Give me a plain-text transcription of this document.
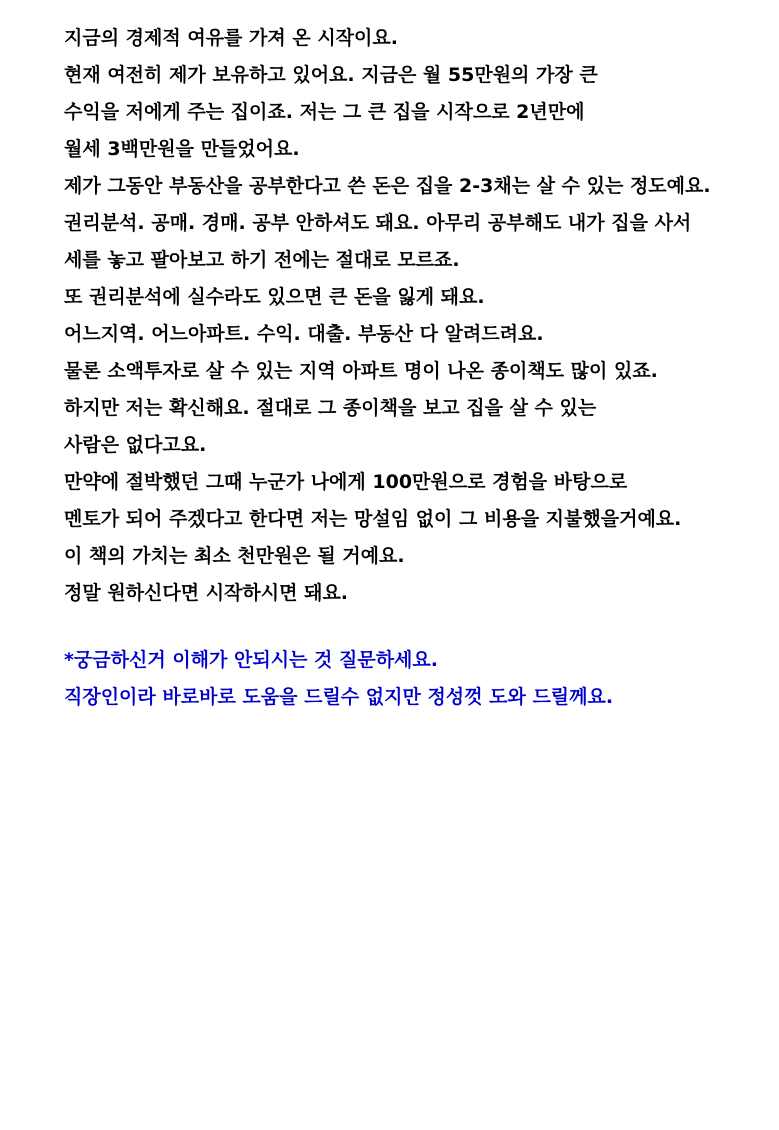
지금의 경제적 여유를 가져 온 시작이요.
현재 여전히 제가 보유하고 있어요. 지금은 월 55만원의 가장 큰
수익을 저에게 주는 집이죠. 저는 그 큰 집을 시작으로 2년만에
월세 3백만원을 만들었어요.
제가 그동안 부동산을 공부한다고 쓴 돈은 집을 2-3채는 살 수 있는 정도예요.
권리분석. 공매. 경매. 공부 안하셔도 돼요. 아무리 공부해도 내가 집을 사서
세를 놓고 팔아보고 하기 전에는 절대로 모르죠.
또 권리분석에 실수라도 있으면 큰 돈을 잃게 돼요.
어느지역. 어느아파트. 수익. 대출. 부동산 다 알려드려요.
물론 소액투자로 살 수 있는 지역 아파트 명이 나온 종이책도 많이 있죠.
하지만 저는 확신해요. 절대로 그 종이책을 보고 집을 살 수 있는
사람은 없다고요.
만약에 절박했던 그때 누군가 나에게 100만원으로 경험을 바탕으로
멘토가 되어 주겠다고 한다면 저는 망설임 없이 그 비용을 지불했을거예요.
이 책의 가치는 최소 천만원은 될 거예요.
정말 원하신다면 시작하시면 돼요.
*궁금하신거 이해가 안되시는 것 질문하세요.
직장인이라 바로바로 도움을 드릴수 없지만 정성껏 도와 드릴께요.
